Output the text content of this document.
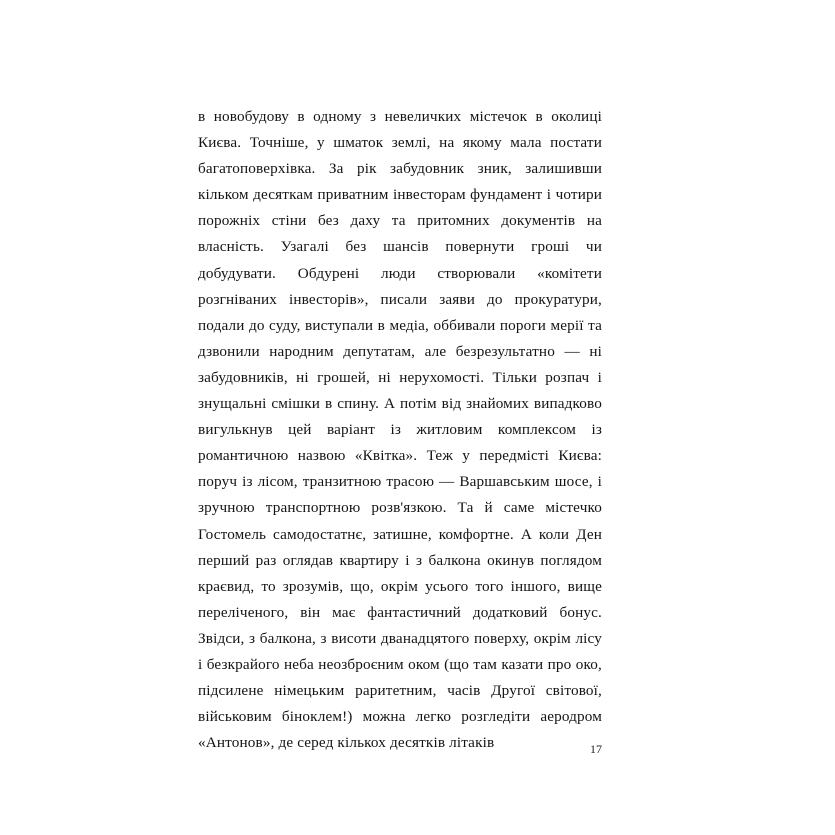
в новобудову в одному з невеличких містечок в околиці Києва. Точніше, у шматок землі, на якому мала постати багатоповерхівка. За рік забудовник зник, залишивши кільком десяткам приватним інвесторам фундамент і чотири порожніх стіни без даху та притомних документів на власність. Узагалі без шансів повернути гроші чи добудувати. Обдурені люди створювали «комітети розгніваних інвесторів», писали заяви до прокуратури, подали до суду, виступали в медіа, оббивали пороги мерії та дзвонили народним депутатам, але безрезультатно — ні забудовників, ні грошей, ні нерухомості. Тільки розпач і знущальні смішки в спину. А потім від знайомих випадково вигулькнув цей варіант із житловим комплексом із романтичною назвою «Квітка». Теж у передмісті Києва: поруч із лісом, транзитною трасою — Варшавським шосе, і зручною транспортною розв'язкою. Та й саме містечко Гостомель самодостатнє, затишне, комфортне. А коли Ден перший раз оглядав квартиру і з балкона окинув поглядом краєвид, то зрозумів, що, окрім усього того іншого, вище переліченого, він має фантастичний додатковий бонус. Звідси, з балкона, з висоти дванадцятого поверху, окрім лісу і безкрайого неба неозброєним оком (що там казати про око, підсилене німецьким раритетним, часів Другої світової, військовим біноклем!) можна легко розгледіти аеродром «Антонов», де серед кількох десятків літаків	17
